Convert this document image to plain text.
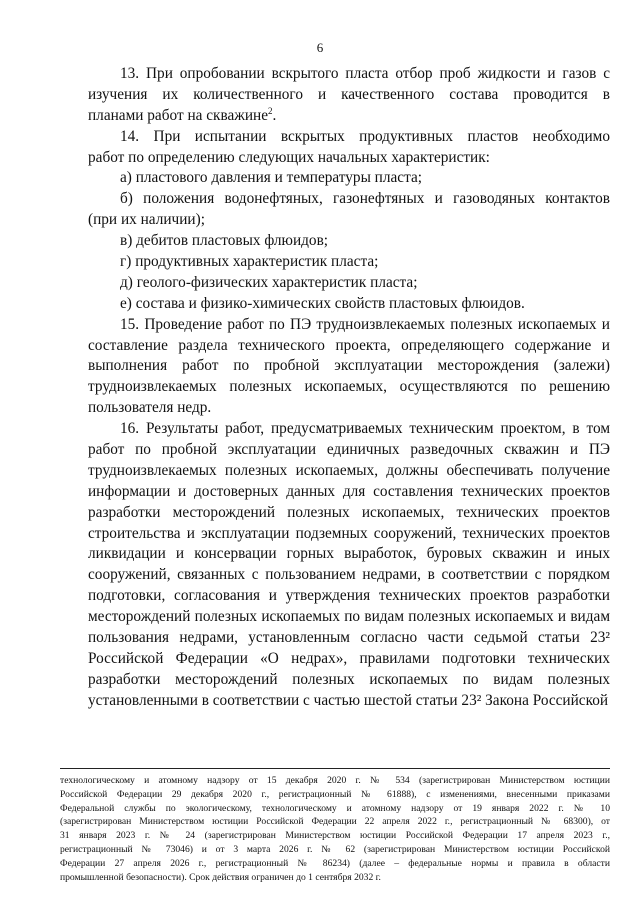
6
13. При опробовании вскрытого пласта отбор проб жидкости и газов с
изучения их количественного и качественного состава проводится в
планами работ на скважине$^2$.
14. При испытании вскрытых продуктивных пластов необходимо
работ по определению следующих начальных характеристик:
а) пластового давления и температуры пласта;
б) положения водонефтяных, газонефтяных и газоводяных контактов
(при их наличии);
в) дебитов пластовых флюидов;
г) продуктивных характеристик пласта;
д) геолого-физических характеристик пласта;
е) состава и физико-химических свойств пластовых флюидов.
15. Проведение работ по ПЭ трудноизвлекаемых полезных ископаемых и
составление раздела технического проекта, определяющего содержание и
выполнения работ по пробной эксплуатации месторождения (залежи)
трудноизвлекаемых полезных ископаемых, осуществляются по решению
пользователя недр.
16. Результаты работ, предусматриваемых техническим проектом, в том
работ по пробной эксплуатации единичных разведочных скважин и ПЭ
трудноизвлекаемых полезных ископаемых, должны обеспечивать получение
информации и достоверных данных для составления технических проектов
разработки месторождений полезных ископаемых, технических проектов
строительства и эксплуатации подземных сооружений, технических проектов
ликвидации и консервации горных выработок, буровых скважин и иных
сооружений, связанных с пользованием недрами, в соответствии с порядком
подготовки, согласования и утверждения технических проектов разработки
месторождений полезных ископаемых по видам полезных ископаемых и видам
пользования недрами, установленным согласно части седьмой статьи 23²
Российской Федерации «О недрах», правилами подготовки технических
разработки месторождений полезных ископаемых по видам полезных
установленными в соответствии с частью шестой статьи 23² Закона Российской
технологическому и атомному надзору от 15 декабря 2020 г. № 534 (зарегистрирован Министерством юстиции
Российской Федерации 29 декабря 2020 г., регистрационный № 61888), с изменениями, внесенными приказами
Федеральной службы по экологическому, технологическому и атомному надзору от 19 января 2022 г. № 10
(зарегистрирован Министерством юстиции Российской Федерации 22 апреля 2022 г., регистрационный № 68300), от
31 января 2023 г. № 24 (зарегистрирован Министерством юстиции Российской Федерации 17 апреля 2023 г.,
регистрационный № 73046) и от 3 марта 2026 г. № 62 (зарегистрирован Министерством юстиции Российской
Федерации 27 апреля 2026 г., регистрационный № 86234) (далее – федеральные нормы и правила в области
промышленной безопасности). Срок действия ограничен до 1 сентября 2032 г.
